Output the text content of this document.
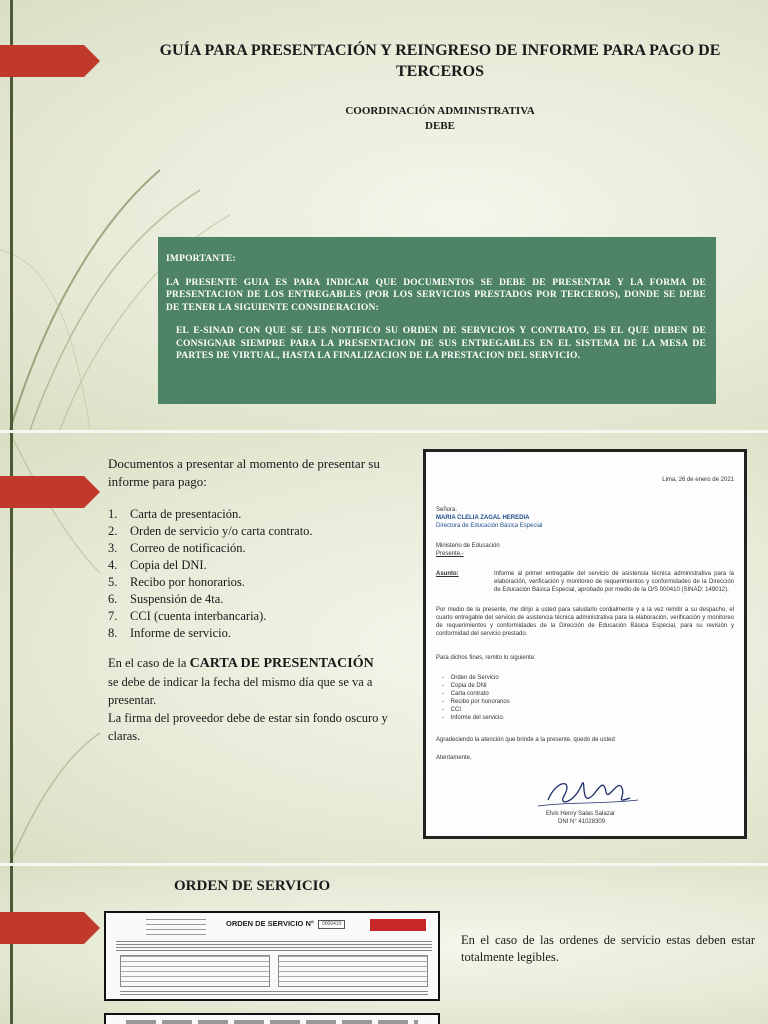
GUÍA PARA PRESENTACIÓN Y REINGRESO DE INFORME PARA PAGO DE TERCEROS
COORDINACIÓN ADMINISTRATIVA
DEBE

IMPORTANTE:

LA PRESENTE GUIA ES PARA INDICAR QUE DOCUMENTOS SE DEBE DE PRESENTAR Y LA FORMA DE PRESENTACION DE LOS ENTREGABLES (POR LOS SERVICIOS PRESTADOS POR TERCEROS), DONDE SE DEBE DE TENER LA SIGUIENTE CONSIDERACION:

EL E-SINAD CON QUE SE LES NOTIFICO SU ORDEN DE SERVICIOS Y CONTRATO, ES EL QUE DEBEN DE CONSIGNAR SIEMPRE PARA LA PRESENTACION DE SUS ENTREGABLES EN EL SISTEMA DE LA MESA DE PARTES DE VIRTUAL, HASTA LA FINALIZACION DE LA PRESTACION DEL SERVICIO.

Documentos a presentar al momento de presentar su informe para pago:
1. Carta de presentación.
2. Orden de servicio y/o carta contrato.
3. Correo de notificación.
4. Copia del DNI.
5. Recibo por honorarios.
6. Suspensión de 4ta.
7. CCI (cuenta interbancaria).
8. Informe de servicio.
En el caso de la CARTA DE PRESENTACIÓN
se debe de indicar la fecha del mismo día que se va a presentar.
La firma del proveedor debe de estar sin fondo oscuro y claras.
Lima, 26 de enero de 2021
Señora.
MARIA CLELIA ZAGAL HEREDIA
Directora de Educación Básica Especial
Ministerio de Educación
Presente.-
Asunto:	Informe al primer entregable del servicio de asistencia técnica administrativa para la elaboración, verificación y monitoreo de requerimientos y conformidades de la Dirección de Educación Básica Especial, aprobado por medio de la O/S 000410 (SINAD: 149012).
Por medio de la presente, me dirijo a usted para saludarlo cordialmente y a la vez remitir a su despacho, el cuarto entregable del servicio de asistencia técnica administrativa para la elaboración, verificación y monitoreo de requerimientos y conformidades de la Dirección de Educación Básica Especial, para su revisión y conformidad del servicio prestado.
Para dichos fines, remito lo siguiente:
-    Orden de Servicio
-    Copia de DNI
-    Carta contrato
-    Recibo por honorarios
-    CCI
-    Informe del servicio.
Agradeciendo la atención que brinde a la presente, quedo de usted
Atentamente,
Elvis Henry Salas Salazar
DNI N° 41028309
ORDEN DE SERVICIO
ORDEN DE SERVICIO N°	0000410
En el caso de las ordenes de servicio estas deben estar totalmente legibles.
